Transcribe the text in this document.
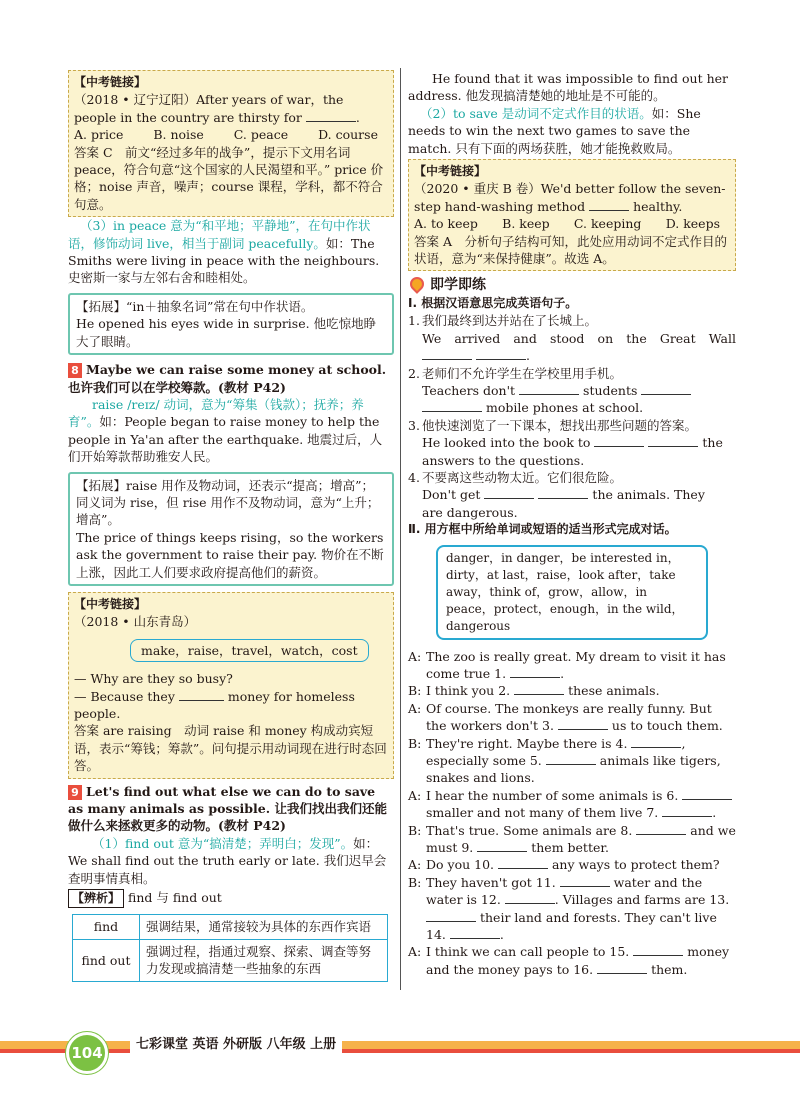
【中考链接】
（2018 • 辽宁辽阳）After years of war，the people in the country are thirsty for	.
A. price B. noise C. peace D. course
答案 C　前文“经过多年的战争”，提示下文用名词 peace，符合句意“这个国家的人民渴望和平。” price 价格；noise 声音，噪声；course 课程，学科，都不符合句意。
（3）in peace 意为“和平地；平静地”，在句中作状语，修饰动词 live，相当于副词 peacefully。如：The Smiths were living in peace with the neighbours. 史密斯一家与左邻右舍和睦相处。
【拓展】“in＋抽象名词”常在句中作状语。
He opened his eyes wide in surprise. 他吃惊地睁大了眼睛。
8 Maybe we can raise some money at school. 也许我们可以在学校筹款。(教材 P42)
raise /reɪz/ 动词，意为“筹集（钱款）；抚养；养育”。如：People began to raise money to help the people in Ya'an after the earthquake. 地震过后，人们开始筹款帮助雅安人民。
【拓展】raise 用作及物动词，还表示“提高；增高”；同义词为 rise，但 rise 用作不及物动词，意为“上升；增高”。
The price of things keeps rising，so the workers ask the government to raise their pay. 物价在不断上涨，因此工人们要求政府提高他们的薪资。
【中考链接】
（2018 • 山东青岛）
make，raise，travel，watch，cost
— Why are they so busy?
— Because they	money for homeless people.
答案 are raising　动词 raise 和 money 构成动宾短语，表示“筹钱；筹款”。问句提示用动词现在进行时态回答。
9 Let's find out what else we can do to save as many animals as possible. 让我们找出我们还能做什么来拯救更多的动物。(教材 P42)
（1）find out 意为“搞清楚；弄明白；发现”。如：We shall find out the truth early or late. 我们迟早会查明事情真相。
【辨析】 find 与 find out
find	强调结果，通常接较为具体的东西作宾语
find out	强调过程，指通过观察、探索、调查等努力发现或搞清楚一些抽象的东西
He found that it was impossible to find out her address. 他发现搞清楚她的地址是不可能的。
（2）to save 是动词不定式作目的状语。如：She needs to win the next two games to save the match. 只有下面的两场获胜，她才能挽救败局。
【中考链接】
（2020 • 重庆 B 卷）We'd better follow the seven-step hand-washing method	healthy.
A. to keep B. keep C. keeping D. keeps
答案 A　分析句子结构可知，此处应用动词不定式作目的状语，意为“来保持健康”。故选 A。
即学即练
Ⅰ. 根据汉语意思完成英语句子。
1. 我们最终到达并站在了长城上。
We arrived and stood on the Great Wall
.
2. 老师们不允许学生在学校里用手机。
Teachers don't	students
mobile phones at school.
3. 他快速浏览了一下课本，想找出那些问题的答案。
He looked into the book to	the
answers to the questions.
4. 不要离这些动物太近。它们很危险。
Don't get	the animals. They
are dangerous.
Ⅱ. 用方框中所给单词或短语的适当形式完成对话。
danger，in danger，be interested in，dirty，at last，raise，look after，take away，think of，grow，allow，in peace，protect，enough，in the wild，dangerous
A: The zoo is really great. My dream to visit it has come true 1.	.
B: I think you 2.	these animals.
A: Of course. The monkeys are really funny. But the workers don't 3.	us to touch them.
B: They're right. Maybe there is 4.	, especially some 5.	animals like tigers, snakes and lions.
A: I hear the number of some animals is 6.  smaller and not many of them live 7.	.
B: That's true. Some animals are 8.	and we must 9.	them better.
A: Do you 10.	any ways to protect them?
B: They haven't got 11.	water and the water is 12.	. Villages and farms are 13.  their land and forests. They can't live 14.	.
A: I think we can call people to 15.	money and the money pays to 16.	them.
104	七彩课堂 英语 外研版 八年级 上册
